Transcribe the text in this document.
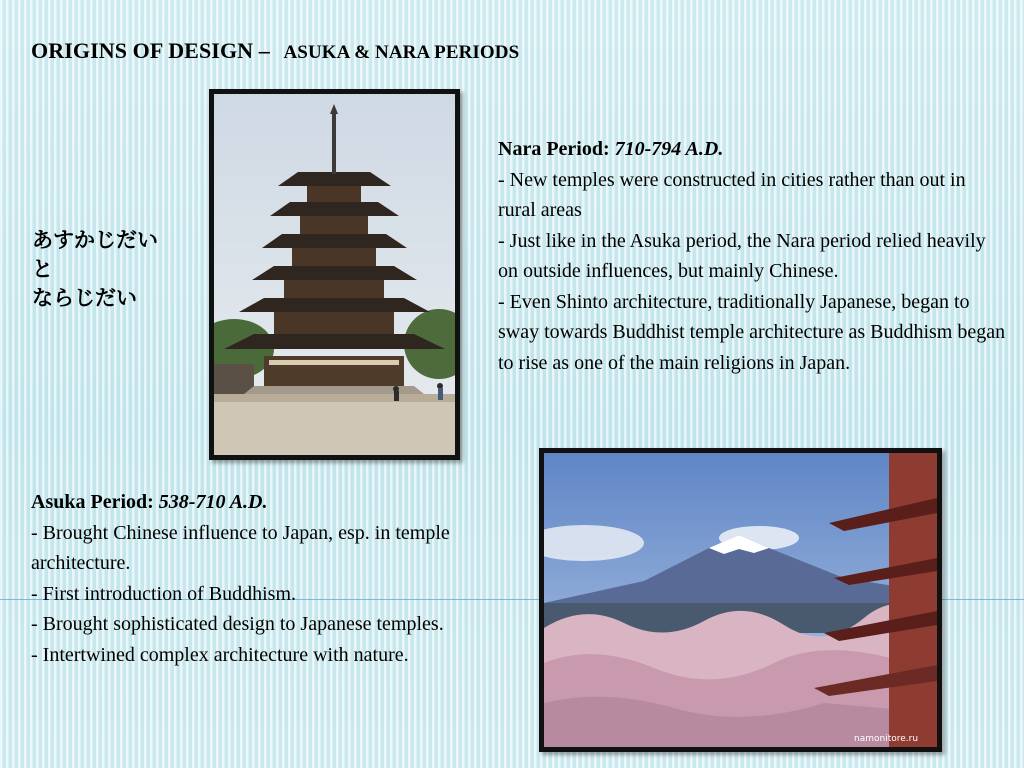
ORIGINS OF DESIGN – ASUKA & NARA PERIODS
あすかじだい
と
ならじだい
Nara Period: 710-794 A.D.
- New temples were constructed in cities rather than out in rural areas
- Just like in the Asuka period, the Nara period relied heavily on outside influences, but mainly Chinese.
- Even Shinto architecture, traditionally Japanese, began to sway towards Buddhist temple architecture as Buddhism began to rise as one of the main religions in Japan.
Asuka Period: 538-710 A.D.
- Brought Chinese influence to Japan, esp. in temple architecture.
- First introduction of Buddhism.
- Brought sophisticated design to Japanese temples.
- Intertwined complex architecture with nature.
namonitore.ru
